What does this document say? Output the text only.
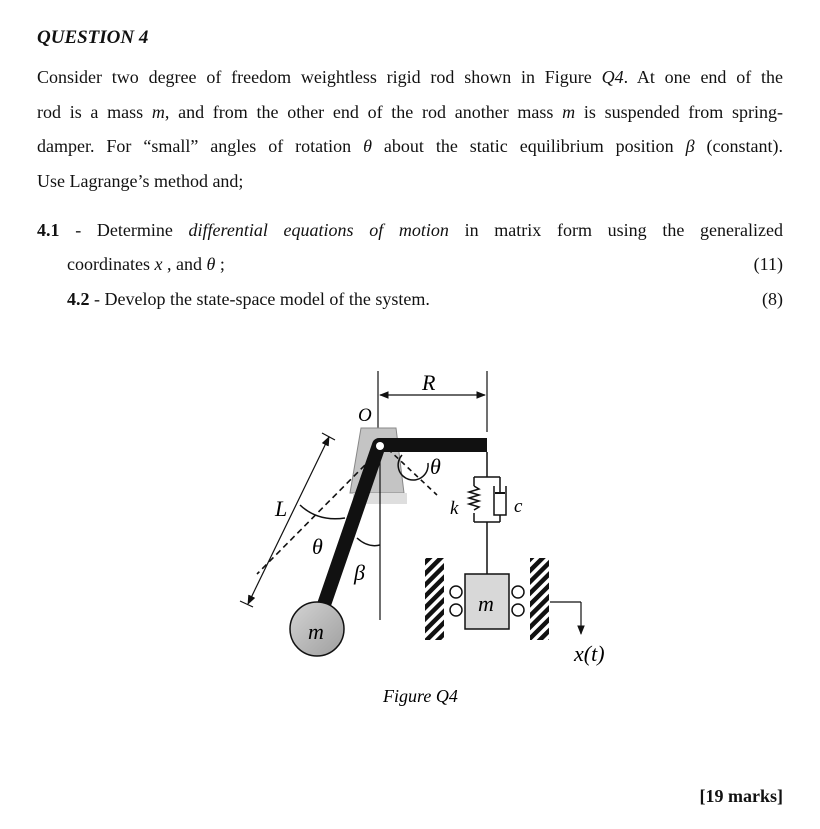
QUESTION 4
Consider two degree of freedom weightless rigid rod shown in Figure Q4. At one end of the
rod is a mass m, and from the other end of the rod another mass m is suspended from spring-
damper. For “small” angles of rotation θ about the static equilibrium position β (constant).
Use Lagrange’s method and;
4.1 - Determine differential equations of motion in matrix form using the generalized
coordinates x , and θ ;	(11)
4.2 - Develop the state-space model of the system.	(8)
R
O
L
θ
θ
β
m
k	c
m
x(t)
Figure Q4
[19 marks]
